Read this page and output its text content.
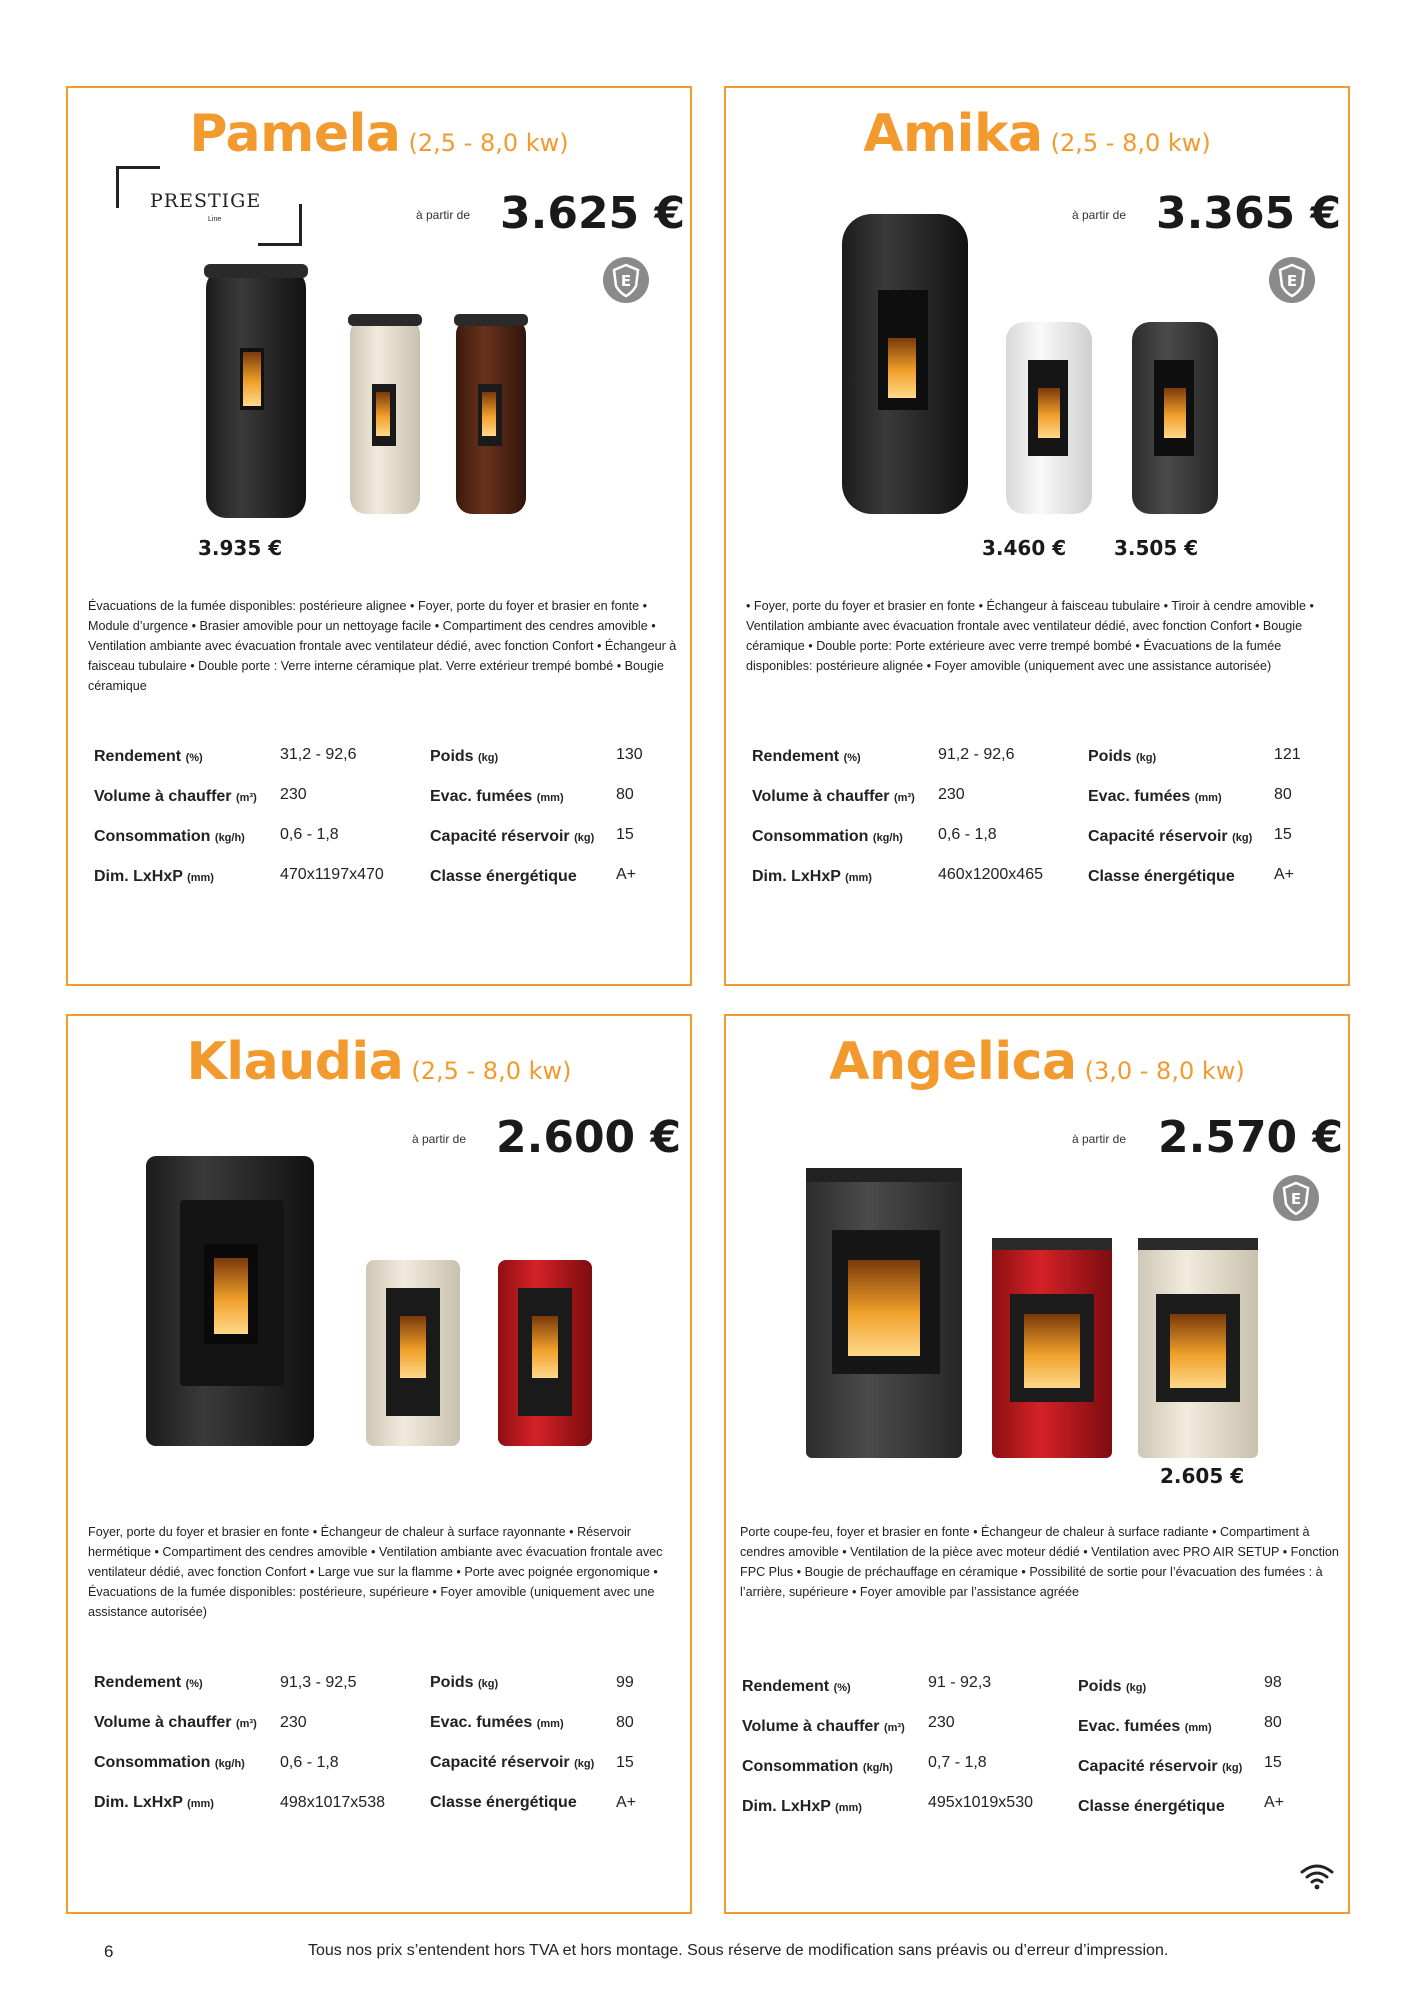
Pamela (2,5 - 8,0 kw)
PRESTIGE
Line	à partir de 3.625 €
E
3.935 €

Évacuations de la fumée disponibles: postérieure alignee • Foyer, porte du foyer et brasier en fonte • Module d’urgence • Brasier amovible pour un nettoyage facile • Compartiment des cendres amovible • Ventilation ambiante avec évacuation frontale avec ventilateur dédié, avec fonction Confort • Échangeur à faisceau tubulaire • Double porte : Verre interne céramique plat. Verre extérieur trempé bombé • Bougie céramique

Rendement (%)	31,2 - 92,6	Poids (kg)	130
Volume à chauffer (m³) 230	Evac. fumées (mm)	80
Consommation (kg/h) 0,6 - 1,8	Capacité réservoir (kg) 15
Dim. LxHxP (mm)	470x1197x470	Classe énergétique A+
Amika (2,5 - 8,0 kw)
à partir de 3.365 €
E
3.460 € 3.505 €

• Foyer, porte du foyer et brasier en fonte • Échangeur à faisceau tubulaire • Tiroir à cendre amovible • Ventilation ambiante avec évacuation frontale avec ventilateur dédié, avec fonction Confort • Bougie céramique • Double porte: Porte extérieure avec verre trempé bombé • Évacuations de la fumée disponibles: postérieure alignée • Foyer amovible (uniquement avec une assistance autorisée)

Rendement (%)	91,2 - 92,6	Poids (kg)	121
Volume à chauffer (m³) 230	Evac. fumées (mm)	80
Consommation (kg/h) 0,6 - 1,8	Capacité réservoir (kg) 15
Dim. LxHxP (mm)	460x1200x465	Classe énergétique A+
Klaudia (2,5 - 8,0 kw)
à partir de 2.600 €

Foyer, porte du foyer et brasier en fonte • Échangeur de chaleur à surface rayonnante • Réservoir hermétique • Compartiment des cendres amovible • Ventilation ambiante avec évacuation frontale avec ventilateur dédié, avec fonction Confort • Large vue sur la flamme • Porte avec poignée ergonomique • Évacuations de la fumée disponibles: postérieure, supérieure • Foyer amovible (uniquement avec une assistance autorisée)

Rendement (%)	91,3 - 92,5	Poids (kg)	99
Volume à chauffer (m³) 230	Evac. fumées (mm)	80
Consommation (kg/h) 0,6 - 1,8	Capacité réservoir (kg) 15
Dim. LxHxP (mm)	498x1017x538	Classe énergétique A+
Angelica (3,0 - 8,0 kw)
à partir de 2.570 €
E
2.605 €

Porte coupe-feu, foyer et brasier en fonte • Échangeur de chaleur à surface radiante • Compartiment à cendres amovible • Ventilation de la pièce avec moteur dédié • Ventilation avec PRO AIR SETUP • Fonction FPC Plus • Bougie de préchauffage en céramique • Possibilité de sortie pour l’évacuation des fumées : à l’arrière, supérieure • Foyer amovible par l’assistance agréée

Rendement (%)	91 - 92,3	Poids (kg)	98
Volume à chauffer (m³) 230	Evac. fumées (mm)	80
Consommation (kg/h) 0,7 - 1,8	Capacité réservoir (kg) 15
Dim. LxHxP (mm)	495x1019x530	Classe énergétique A+
6	Tous nos prix s’entendent hors TVA et hors montage. Sous réserve de modification sans préavis ou d’erreur d’impression.
